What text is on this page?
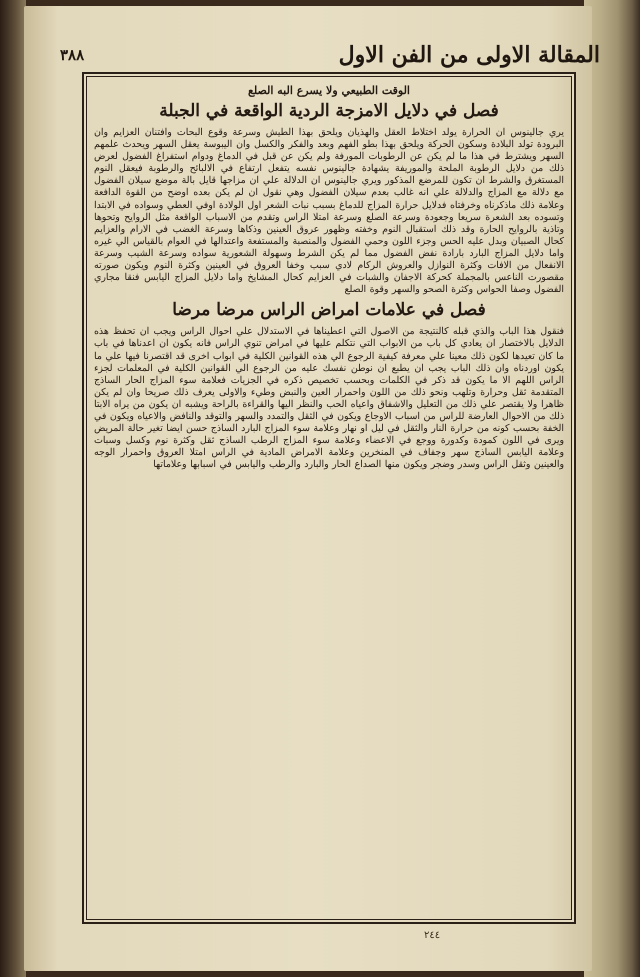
المقالة الاولى من الفن الاول
٣٨٨
الوقت الطبيعي ولا يسرع البه الصلع
فصل في دلايل الامزجة الردية الواقعة في الجبلة

يري جالينوس ان الحرارة يولد اختلاط العقل والهذيان ويلحق بهذا الطيش وسرعة وقوع البحات وافتنان العزايم وان البرودة تولد البلادة وسكون الحركة ويلحق بهذا بطو الفهم وبعد والفكر والكسل وان اليبوسة يعقل السهر ويحدث علمهم السهر ويشترط في هذا ما لم يكن عن الرطوبات المورفة ولم يكن عن قبل في الدماغ ودوام استفراغ الفضول لعرض ذلك من دلايل الرطوبة الملحة والموريفة يشهادة جالينوس نفسه يتفعل ارتفاع في الالبائح والرطوبة فيعقل النوم المستغرق والشرط ان تكون للمرضع المذكور ويري جالينوس ان الدلالة علي ان مزاجها قايل بالة موضع سيلان الفضول مع دلالة مع المزاج والدلالة علي انه غالب بعدم سيلان الفضول وهي نقول ان لم يكن بعده اوضح من القوة الدافعة وعلامة ذلك ماذكرناه وخرفتاه فدلايل حرارة المزاج للدماغ بسبب نبات الشعر اول الولادة اوفي العطي وسواده في الابتدا وتسوده بعد الشعرة سريعا وجعودة وسرعة الصلع وسرعة امتلا الراس وتقدم من الاسباب الواقعة مثل الروايح وتحوها وتاذية بالروايح الحارة وقد ذلك استقبال النوم وخفته وظهور عروق العينين وذكاها وسرعة الغضب في الارام والعزايم كحال الصبيان وبدل عليه الحس وجزء اللون وحمي الفضول والمنصبة والمستفعة واعتدالها في العوام بالقياس الي غيره واما دلايل المزاج البارد بارادة نفض الفضول مما لم يكن الشرط وسهولة الشعورية سواده وسرعة الشيب وسرعة الانفعال من الافات وكثرة النوازل والعروش الركام لادي سبب وخفا العروق في العينين وكثرة النوم ويكون صورته مقصورت الناعس بالمجملة كحركة الاجفان والشبات في العزايم كحال المشايخ واما دلايل المزاج اليابس فنقا مجاري الفضول وصفا الحواس وكثرة الصحو والسهر وقوة الصلع

فصل في علامات امراض الراس مرضا مرضا

فنقول هذا الباب والذي قبله كالنتيجة من الاصول التي اعطيناها في الاستدلال علي احوال الراس ويجب ان تحفظ هذه الدلايل بالاختصار ان يعادي كل باب من الابواب التي نتكلم عليها في امراض تنوي الراس فانه يكون ان اعدناها في باب ما كان تعيدها لكون ذلك معينا علي معرفة كيفية الرجوع الي هذه القوانين الكلية في ابواب اخرى قد اقتصرنا فيها علي ما يكون اوردناه وان ذلك الباب يجب ان يطبع ان نوطن نفسك عليه من الرجوع الي القوانين الكلية في المعلمات لجزء الراس اللهم الا ما يكون قد ذكر في الكلمات وبحسب تخصيص ذكره في الجزيات فعلامة سوء المزاج الحار الساذج المتقدمة ثقل وحرارة وتلهب ونحو ذلك من اللون واحمرار العين والنبض وطيء والاولى يعرف ذلك صريحا وان لم يكن ظاهرا ولا يقتصر علي ذلك من التعليل والاشفاق واعياه الحب والنظر اليها والقراءة بالراحة ويشبه ان يكون من يراه الابتا ذلك من الاحوال العارضة للراس من اسباب الاوجاع ويكون في الثقل والتمدد والسهر والتوقد والنافض والاعياه ويكون في الخفة بحسب كونه من حرارة النار والثقل في ليل او نهار وعلامة سوء المزاج البارد الساذج حسن ايضا تغير حالة المريض ويرى في اللون كمودة وكدورة ووجع في الاعضاء وعلامة سوء المزاج الرطب الساذج ثقل وكثرة نوم وكسل وسبات وعلامة اليابس الساذج سهر وجفاف في المنخرين وعلامة الامراض المادية في الراس امتلا العروق واحمرار الوجه والعينين وثقل الراس وسدر وضجر ويكون منها الصداع الحار والبارد والرطب واليابس في اسبابها وعلاماتها

٢٤٤
